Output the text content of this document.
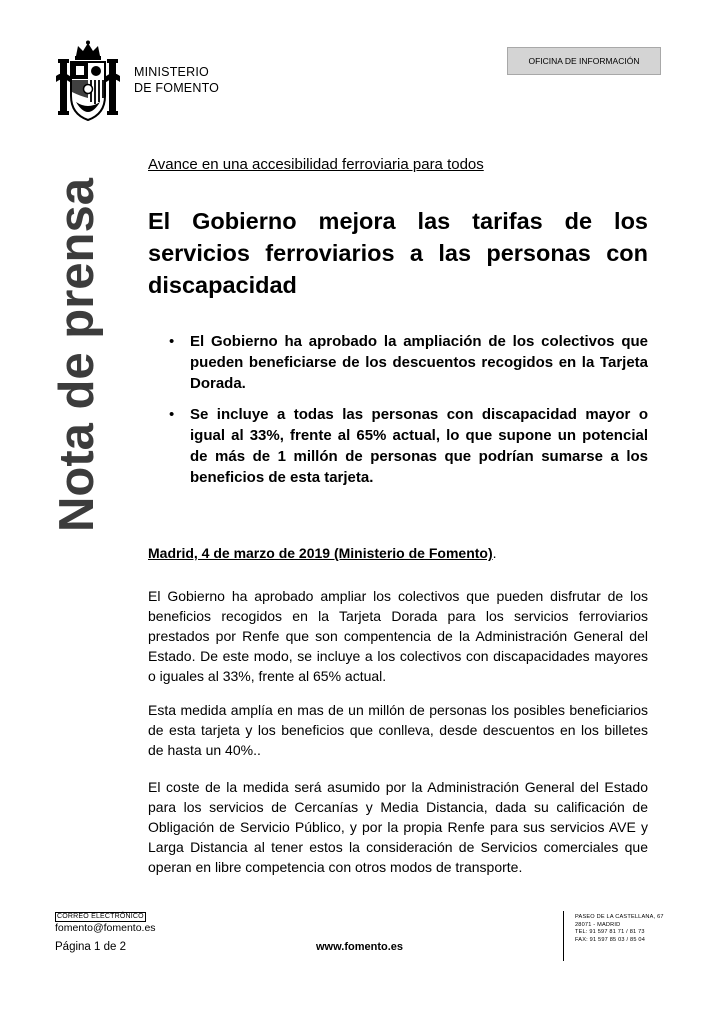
MINISTERIO
DE FOMENTO
OFICINA DE INFORMACIÓN
Nota de prensa
Avance en una accesibilidad ferroviaria para todos
El Gobierno mejora las tarifas de los servicios ferroviarios a las personas con discapacidad
• El Gobierno ha aprobado la ampliación de los colectivos que pueden beneficiarse de los descuentos recogidos en la Tarjeta Dorada.
• Se incluye a todas las personas con discapacidad mayor o igual al 33%, frente al 65% actual, lo que supone un potencial de más de 1 millón de personas que podrían sumarse a los beneficios de esta tarjeta.
Madrid, 4 de marzo de 2019 (Ministerio de Fomento).

El Gobierno ha aprobado ampliar los colectivos que pueden disfrutar de los beneficios recogidos en la Tarjeta Dorada para los servicios ferroviarios prestados por Renfe que son compentencia de la Administración General del Estado. De este modo, se incluye a los colectivos con discapacidades mayores o iguales al 33%, frente al 65% actual.

Esta medida amplía en mas de un millón de personas los posibles beneficiarios de esta tarjeta y los beneficios que conlleva, desde descuentos en los billetes de hasta un 40%..

El coste de la medida será asumido por la Administración General del Estado para los servicios de Cercanías y Media Distancia, dada su calificación de Obligación de Servicio Público, y por la propia Renfe para sus servicios AVE y Larga Distancia al tener estos la consideración de Servicios comerciales que operan en libre competencia con otros modos de transporte.

CORREO ELECTRÓNICO
fomento@fomento.es
Página 1 de 2	www.fomento.es
PASEO DE LA CASTELLANA, 67
28071 - MADRID
TEL: 91 597 81 71 / 81 73
FAX: 91 597 85 03 / 85 04
